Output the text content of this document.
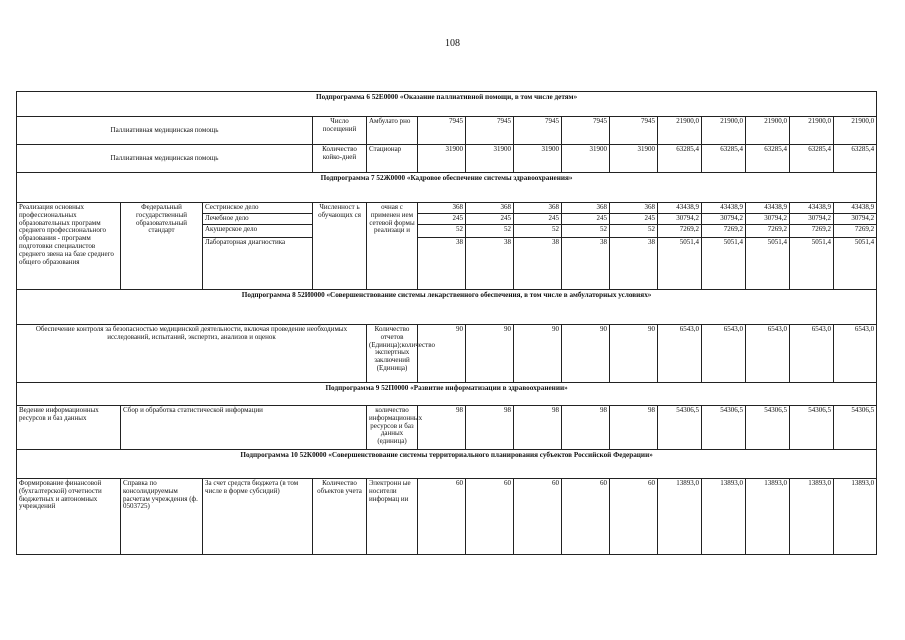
108
Подпрограмма 6 52Е0000 «Оказание паллиативной помощи, в том числе детям»														
Паллиативная медицинская помощь			Число посещений	Амбулато рно	7945	7945	7945	7945	7945	21900,0	21900,0	21900,0	21900,0	21900,0
Паллиативная медицинская помощь			Количество койко-дней	Стационар	31900	31900	31900	31900	31900	63285,4	63285,4	63285,4	63285,4	63285,4
Подпрограмма 7 52Ж0000 «Кадровое обеспечение системы здравоохранения»														
Реализация основных профессиональных образовательных программ среднего профессионального образования - программ подготовки специалистов среднего звена на базе среднего общего образования	Федеральный государственный образовательный стандарт	Сестринское дело	Численност ь обучающих ся	очная с применен ием сетевой формы реализаци и	368	368	368	368	368	43438,9	43438,9	43438,9	43438,9	43438,9
		Лечебное дело			245	245	245	245	245	30794,2	30794,2	30794,2	30794,2	30794,2
		Акушерское дело			52	52	52	52	52	7269,2	7269,2	7269,2	7269,2	7269,2
		Лабораторная диагностика			38	38	38	38	38	5051,4	5051,4	5051,4	5051,4	5051,4
Подпрограмма 8 52И0000 «Совершенствование системы лекарственного обеспечения, в том числе в амбулаторных условиях»														
Обеспечение контроля за безопасностью медицинской деятельности, включая проведение необходимых исследований, испытаний, экспертиз, анализов и оценок				Количество отчетов (Единица);количество экспертных заключений (Единица)	90	90	90	90	90	6543,0	6543,0	6543,0	6543,0	6543,0
Подпрограмма 9 52П0000 «Развитие информатизации в здравоохранении»														
Ведение информационных ресурсов и баз данных	Сбор и обработка статистической информации			количество информационных ресурсов и баз данных (единица)	98	98	98	98	98	54306,5	54306,5	54306,5	54306,5	54306,5
Подпрограмма 10 52К0000 «Совершенствование системы территориального планирования субъектов Российской Федерации»														
Формирование финансовой (бухгалтерской) отчетности бюджетных и автономных учреждений	Справка по консолидируемым расчетам учреждения (ф. 0503725)	За счет средств бюджета (в том числе в форме субсидий)	Количество объектов учета	Электронн ые носители информац ии	60	60	60	60	60	13893,0	13893,0	13893,0	13893,0	13893,0
